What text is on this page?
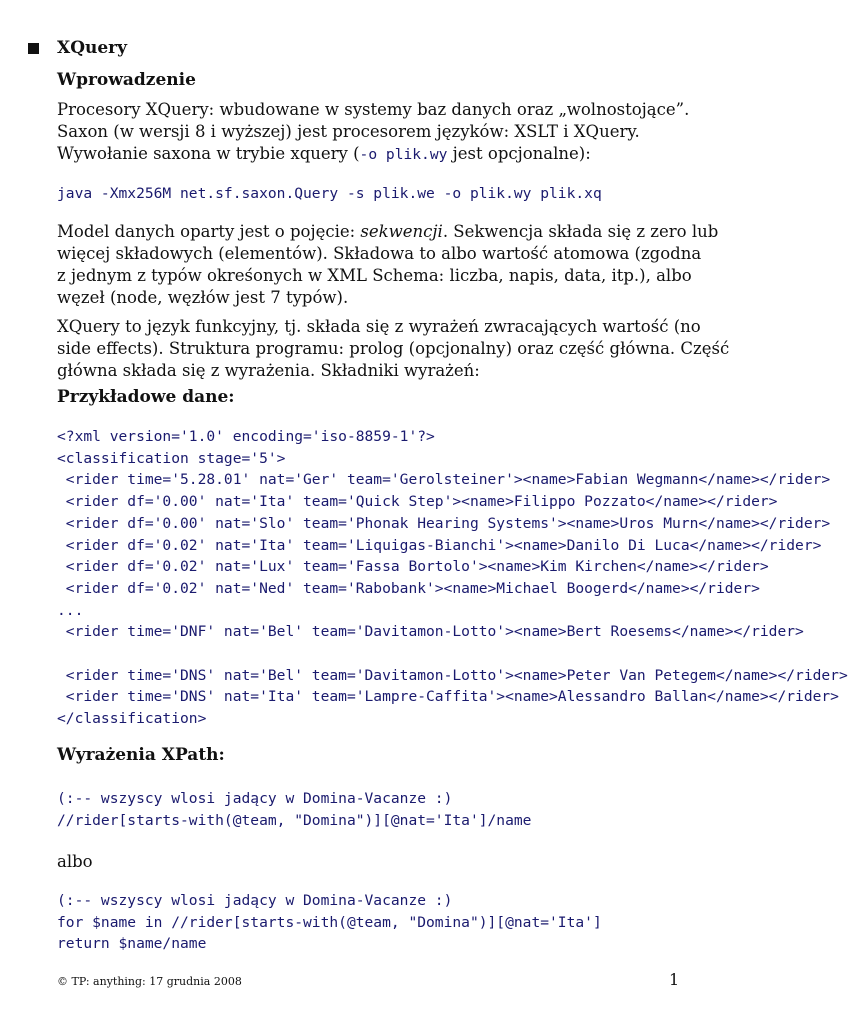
XQuery
Wprowadzenie
Procesory XQuery: wbudowane w systemy baz danych oraz „wolnostojące”.
Saxon (w wersji 8 i wyższej) jest procesorem języków: XSLT i XQuery.
Wywołanie saxona w trybie xquery (-o plik.wy jest opcjonalne):
java -Xmx256M net.sf.saxon.Query -s plik.we -o plik.wy plik.xq
Model danych oparty jest o pojęcie: sekwencji. Sekwencja składa się z zero lub
więcej składowych (elementów). Składowa to albo wartość atomowa (zgodna
z jednym z typów okreśonych w XML Schema: liczba, napis, data, itp.), albo
węzeł (node, węzłów jest 7 typów).
XQuery to język funkcyjny, tj. składa się z wyrażeń zwracających wartość (no
side effects). Struktura programu: prolog (opcjonalny) oraz część główna. Część
główna składa się z wyrażenia. Składniki wyrażeń:
Przykładowe dane:
<?xml version='1.0' encoding='iso-8859-1'?>
<classification stage='5'>
<rider time='5.28.01' nat='Ger' team='Gerolsteiner'><name>Fabian Wegmann</name></rider>
<rider df='0.00' nat='Ita' team='Quick Step'><name>Filippo Pozzato</name></rider>
<rider df='0.00' nat='Slo' team='Phonak Hearing Systems'><name>Uros Murn</name></rider>
<rider df='0.02' nat='Ita' team='Liquigas-Bianchi'><name>Danilo Di Luca</name></rider>
<rider df='0.02' nat='Lux' team='Fassa Bortolo'><name>Kim Kirchen</name></rider>
<rider df='0.02' nat='Ned' team='Rabobank'><name>Michael Boogerd</name></rider>
...
<rider time='DNF' nat='Bel' team='Davitamon-Lotto'><name>Bert Roesems</name></rider>

<rider time='DNS' nat='Bel' team='Davitamon-Lotto'><name>Peter Van Petegem</name></rider>
<rider time='DNS' nat='Ita' team='Lampre-Caffita'><name>Alessandro Ballan</name></rider>
</classification>
Wyrażenia XPath:
(:-- wszyscy wlosi jadący w Domina-Vacanze :)
//rider[starts-with(@team, "Domina")][@nat='Ita']/name
albo
(:-- wszyscy wlosi jadący w Domina-Vacanze :)
for $name in //rider[starts-with(@team, "Domina")][@nat='Ita']
return $name/name
© TP: anything: 17 grudnia 2008	1
